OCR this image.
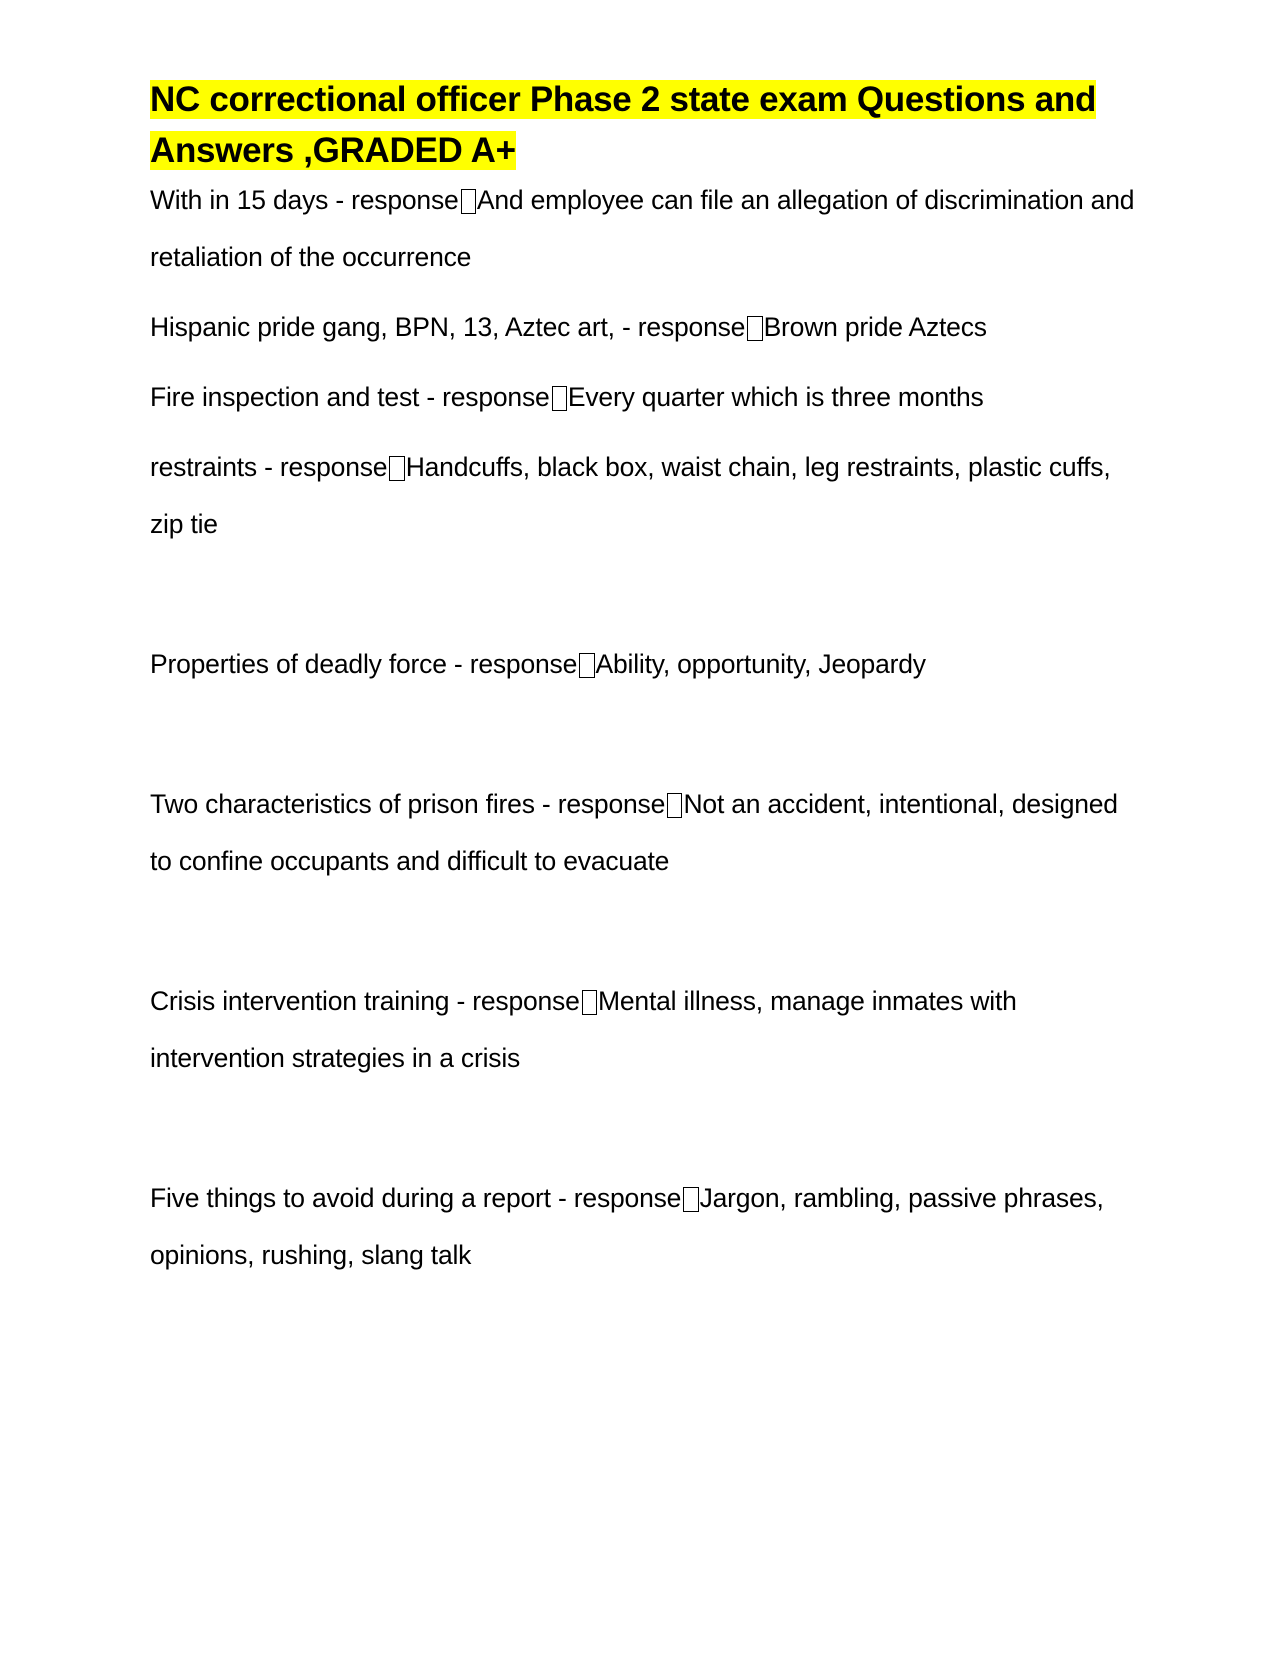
NC correctional officer Phase 2 state exam Questions and Answers ,GRADED A+

With in 15 days - response And employee can file an allegation of discrimination and retaliation of the occurrence

Hispanic pride gang, BPN, 13, Aztec art, - response Brown pride Aztecs

Fire inspection and test - response Every quarter which is three months

restraints - response Handcuffs, black box, waist chain, leg restraints, plastic cuffs, zip tie

Properties of deadly force - response Ability, opportunity, Jeopardy

Two characteristics of prison fires - response Not an accident, intentional, designed to confine occupants and difficult to evacuate

Crisis intervention training - response Mental illness, manage inmates with intervention strategies in a crisis

Five things to avoid during a report - response Jargon, rambling, passive phrases, opinions, rushing, slang talk
